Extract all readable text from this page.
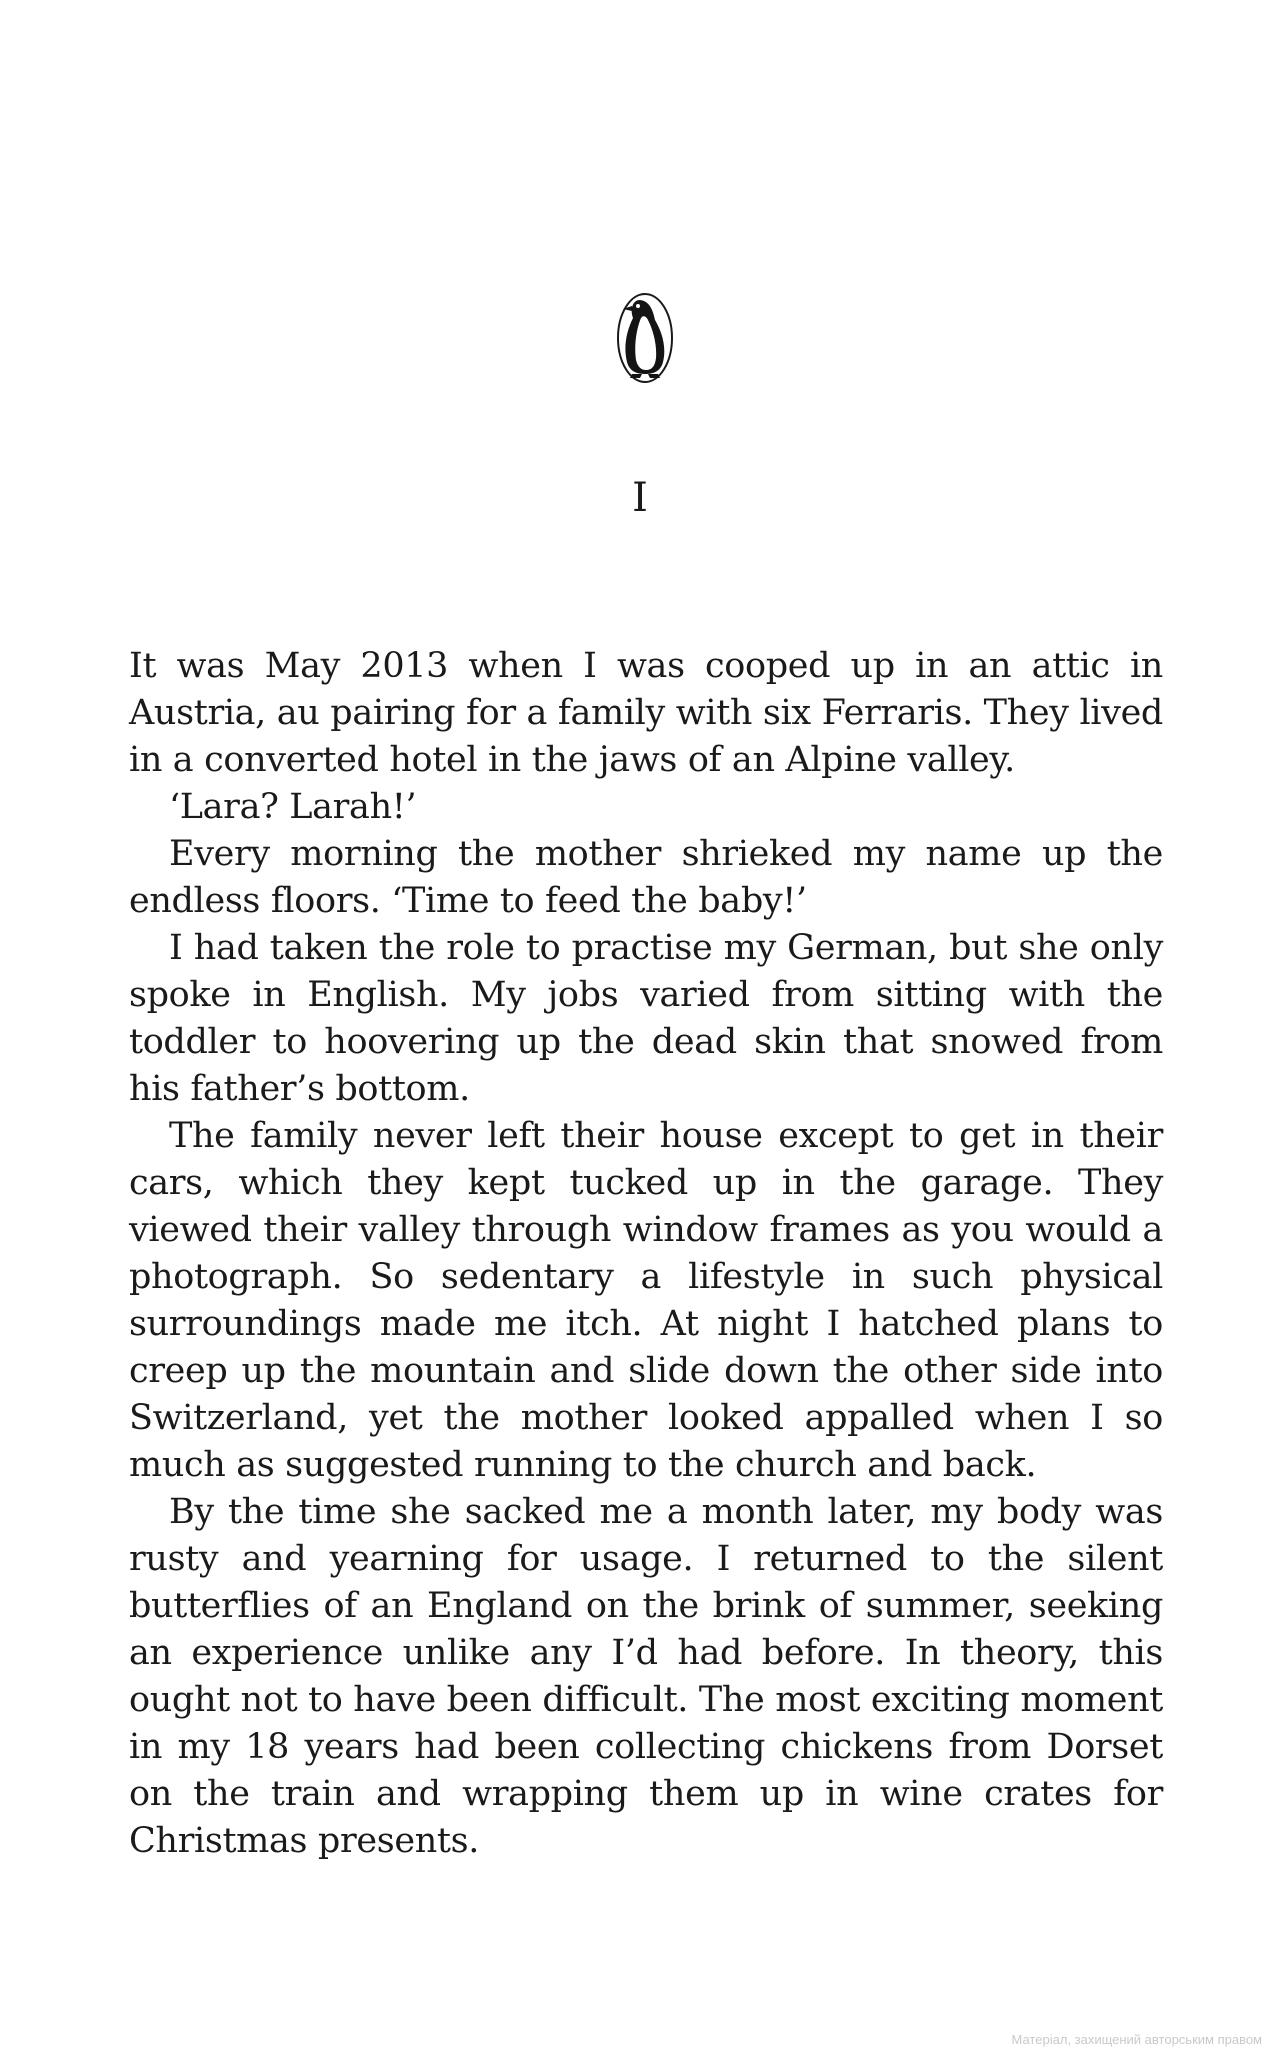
I

It was May 2013 when I was cooped up in an attic in Austria, au pairing for a family with six Ferraris. They lived in a converted hotel in the jaws of an Alpine valley.

‘Lara? Larah!’

Every morning the mother shrieked my name up the endless floors. ‘Time to feed the baby!’

I had taken the role to practise my German, but she only spoke in English. My jobs varied from sitting with the toddler to hoovering up the dead skin that snowed from his father’s bottom.

The family never left their house except to get in their cars, which they kept tucked up in the garage. They viewed their valley through window frames as you would a photograph. So sedentary a lifestyle in such physical surroundings made me itch. At night I hatched plans to creep up the mountain and slide down the other side into Switzerland, yet the mother looked appalled when I so much as suggested running to the church and back.

By the time she sacked me a month later, my body was rusty and yearning for usage. I returned to the silent butterflies of an England on the brink of summer, seeking an experience unlike any I’d had before. In theory, this ought not to have been difficult. The most exciting moment in my 18 years had been collecting chickens from Dorset on the train and wrapping them up in wine crates for Christmas presents.

Матеріал, захищений авторським правом
